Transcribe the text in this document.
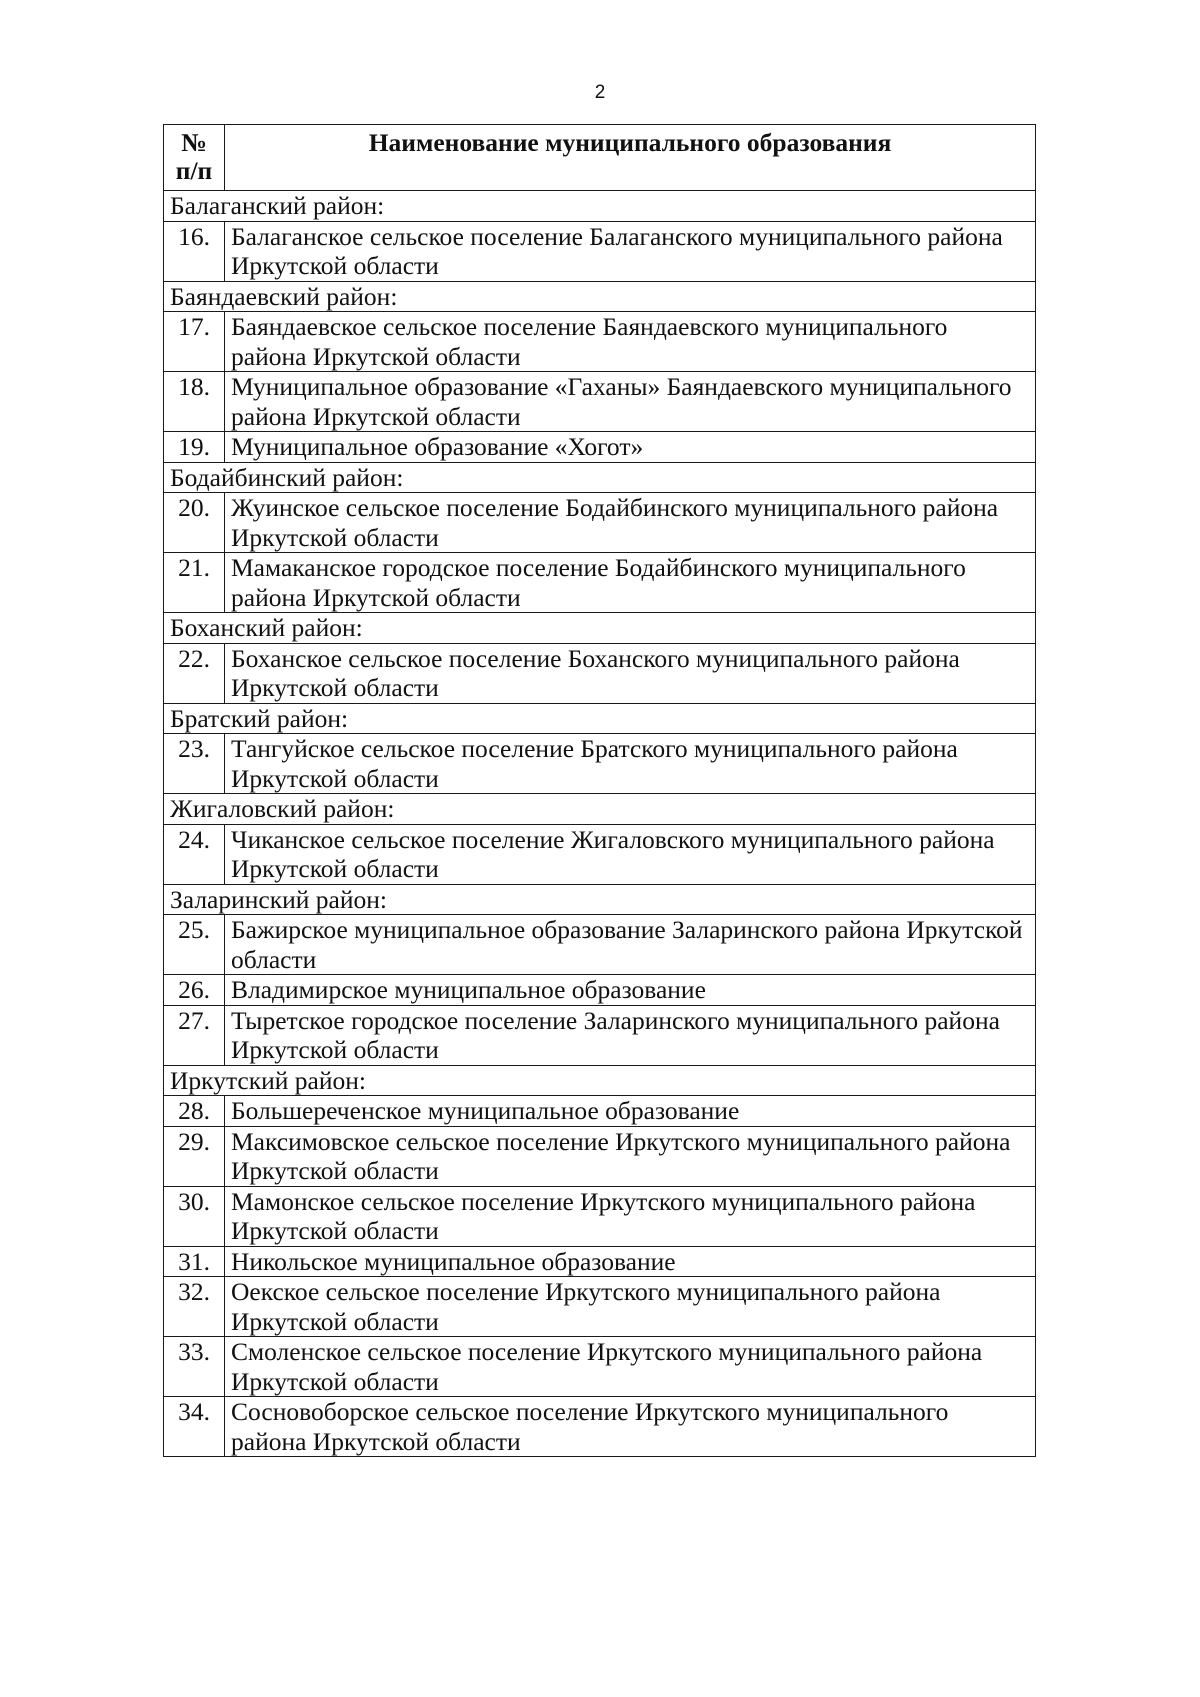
2
№
п/п	Наименование муниципального образования
Балаганский район:	
16.	Балаганское сельское поселение Балаганского муниципального района Иркутской области
Баяндаевский район:	
17.	Баяндаевское сельское поселение Баяндаевского муниципального района Иркутской области
18.	Муниципальное образование «Гаханы» Баяндаевского муниципального района Иркутской области
19.	Муниципальное образование «Хогот»
Бодайбинский район:	
20.	Жуинское сельское поселение Бодайбинского муниципального района Иркутской области
21.	Мамаканское городское поселение Бодайбинского муниципального района Иркутской области
Боханский район:	
22.	Боханское сельское поселение Боханского муниципального района Иркутской области
Братский район:	
23.	Тангуйское сельское поселение Братского муниципального района Иркутской области
Жигаловский район:	
24.	Чиканское сельское поселение Жигаловского муниципального района Иркутской области
Заларинский район:	
25.	Бажирское муниципальное образование Заларинского района Иркутской области
26.	Владимирское муниципальное образование
27.	Тыретское городское поселение Заларинского муниципального района Иркутской области
Иркутский район:	
28.	Большереченское муниципальное образование
29.	Максимовское сельское поселение Иркутского муниципального района Иркутской области
30.	Мамонское сельское поселение Иркутского муниципального района Иркутской области
31.	Никольское муниципальное образование
32.	Оекское сельское поселение Иркутского муниципального района Иркутской области
33.	Смоленское сельское поселение Иркутского муниципального района Иркутской области
34.	Сосновоборское сельское поселение Иркутского муниципального района Иркутской области
